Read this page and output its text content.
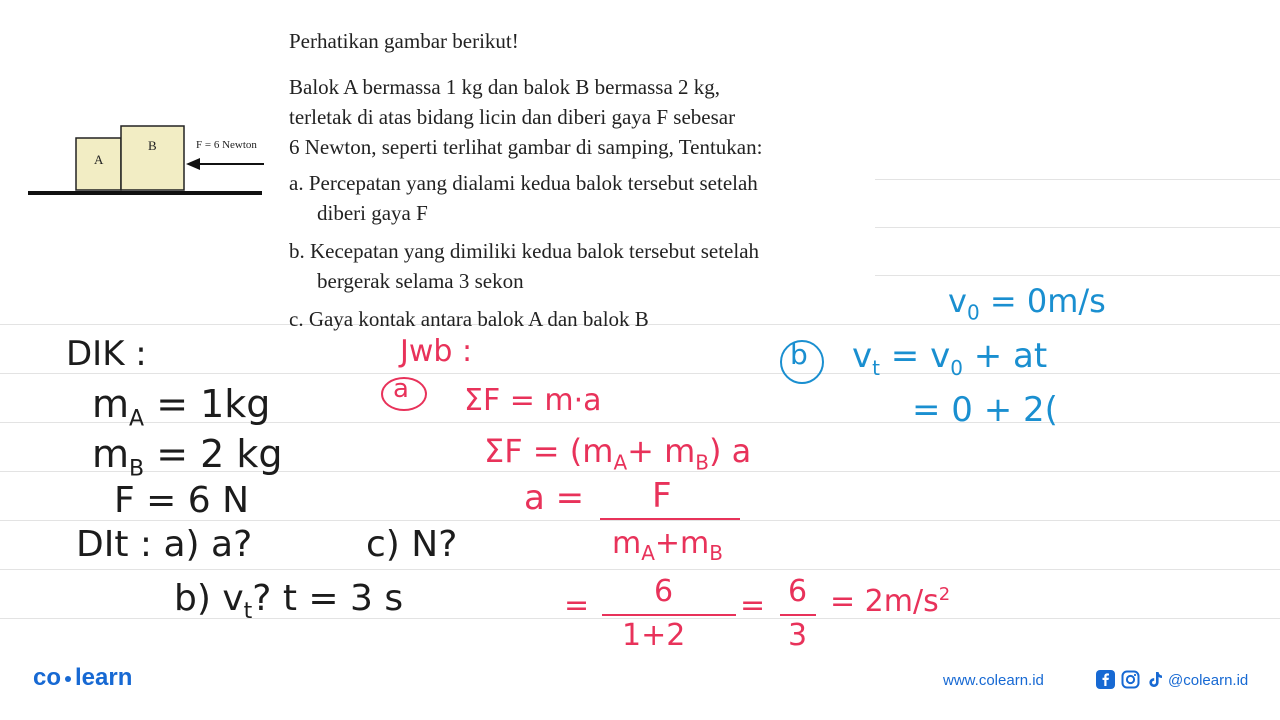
A
B	F = 6 Newton

Perhatikan gambar berikut!

Balok A bermassa 1 kg dan balok B bermassa 2 kg,

terletak di atas bidang licin dan diberi gaya F sebesar

6 Newton, seperti terlihat gambar di samping, Tentukan:

a. Percepatan yang dialami kedua balok tersebut setelah

diberi gaya F

b. Kecepatan yang dimiliki kedua balok tersebut setelah

bergerak selama 3 sekon

c. Gaya kontak antara balok A dan balok B

DIK :
$m_A = 1kg$
$m_B = 2$ kg
F = 6 N
DIt : a) a?	c) N?
b) $v_t$? t = 3 s
Jwb :
a ΣF = m·a
$\Sigma F = (m_A+ m_B)$ a
a = F
$m_A+m_B$
= 6
1+2
= 6
3
= $2m/s^2$
$v_0 = 0m/s$
b $v_t = v_0$ + at
= 0 + 2(
co learn	www.colearn.id	@colearn.id
